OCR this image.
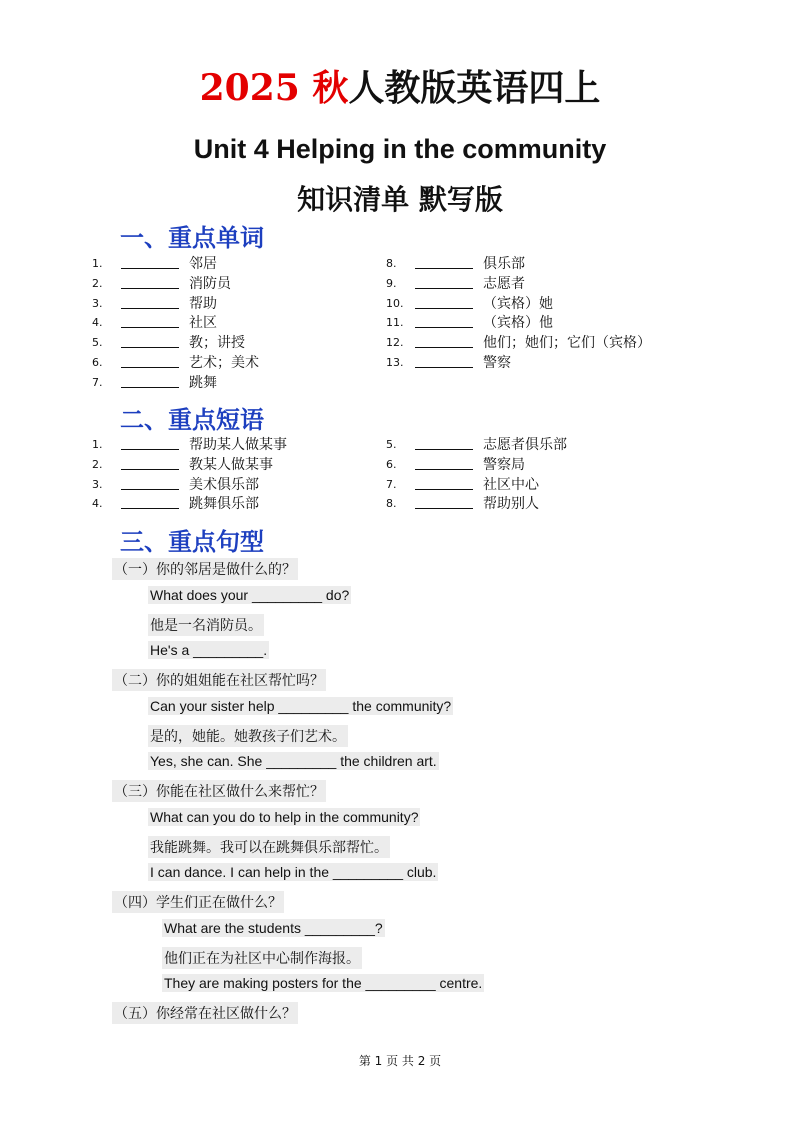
2025 秋人教版英语四上
Unit 4 Helping in the community
知识清单 默写版
一、重点单词
1.	邻居
2.	消防员
3.	帮助
4.	社区
5.	教；讲授
6.	艺术；美术
7.	跳舞
8.	俱乐部
9.	志愿者
10.	（宾格）她
11.	（宾格）他
12.	他们；她们；它们（宾格）
13.	警察
二、重点短语
1.	帮助某人做某事
2.	教某人做某事
3.	美术俱乐部
4.	跳舞俱乐部
5.	志愿者俱乐部
6.	警察局
7.	社区中心
8.	帮助别人
三、重点句型
（一）你的邻居是做什么的？
What does your _________ do?
他是一名消防员。
He's a _________.
（二）你的姐姐能在社区帮忙吗？
Can your sister help _________ the community?
是的，她能。她教孩子们艺术。
Yes, she can. She _________ the children art.
（三）你能在社区做什么来帮忙？
What can you do to help in the community?
我能跳舞。我可以在跳舞俱乐部帮忙。
I can dance. I can help in the _________ club.
（四）学生们正在做什么？
What are the students _________?
他们正在为社区中心制作海报。
They are making posters for the _________ centre.
（五）你经常在社区做什么？
第 1 页 共 2 页
